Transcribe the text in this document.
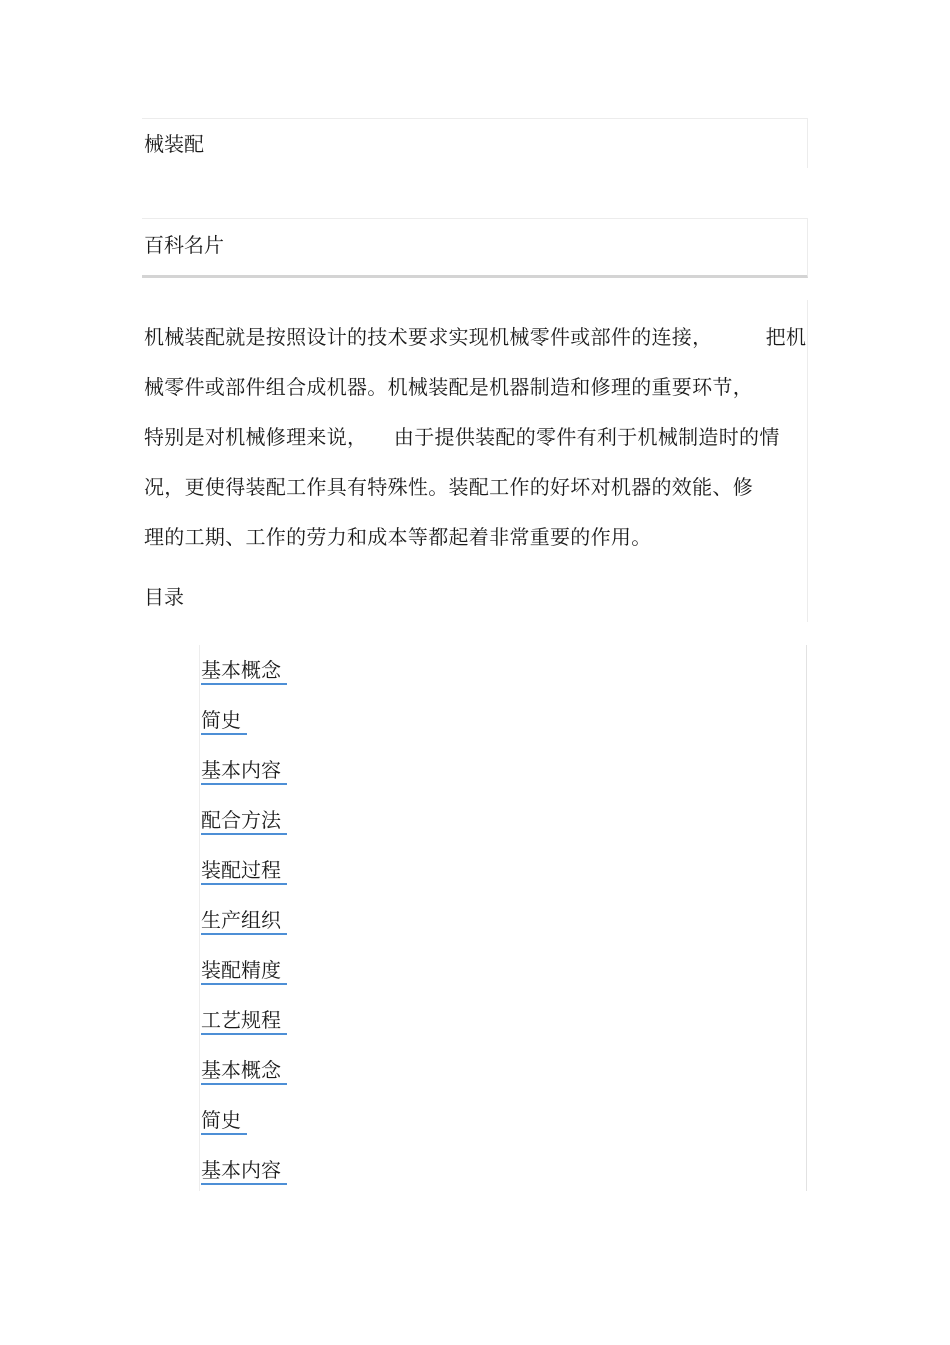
械装配
百科名片

机械装配就是按照设计的技术要求实现机械零件或部件的连接，        把机
械零件或部件组合成机器。机械装配是机器制造和修理的重要环节，
特别是对机械修理来说，    由于提供装配的零件有利于机械制造时的情
况，更使得装配工作具有特殊性。装配工作的好坏对机器的效能、修
理的工期、工作的劳力和成本等都起着非常重要的作用。

目录
基本概念
简史
基本内容
配合方法
装配过程
生产组织
装配精度
工艺规程
基本概念
简史
基本内容
